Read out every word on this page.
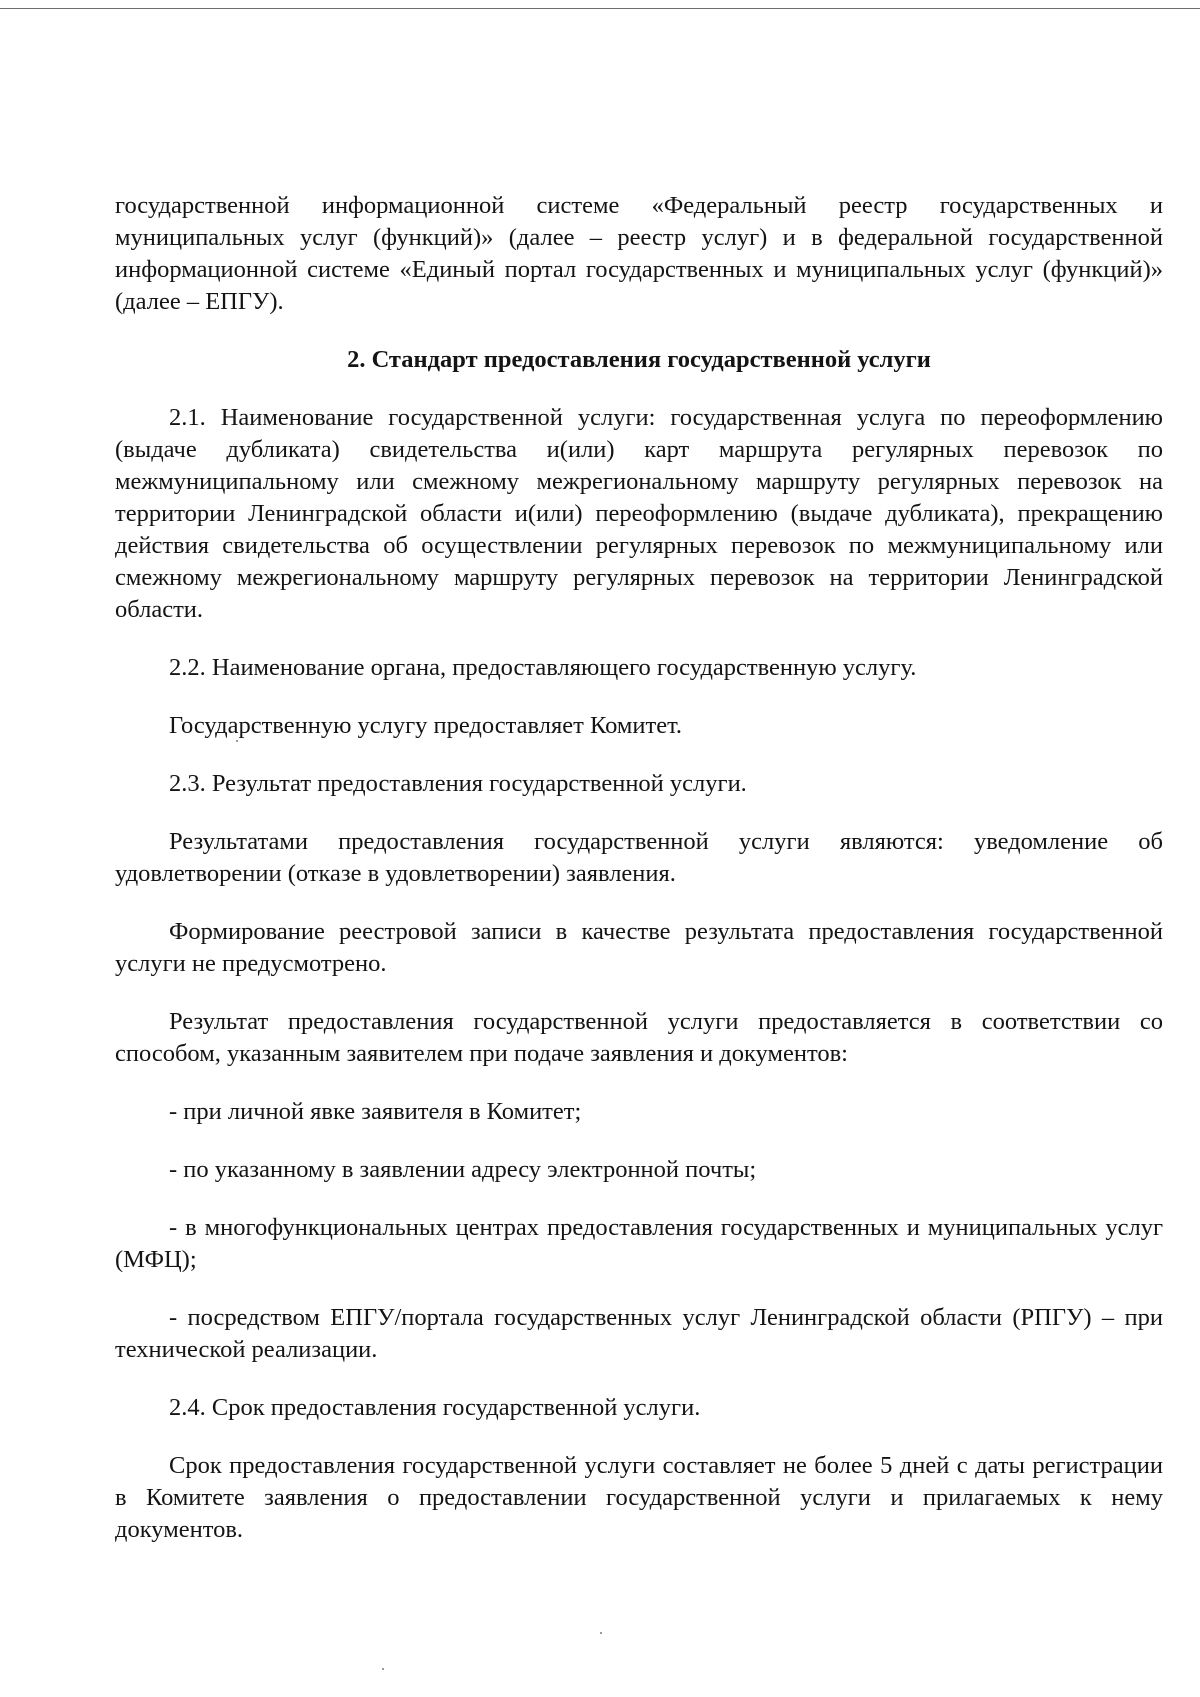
государственной информационной системе «Федеральный реестр государственных и муниципальных услуг (функций)» (далее – реестр услуг) и в федеральной государственной информационной системе «Единый портал государственных и муниципальных услуг (функций)» (далее – ЕПГУ).

2. Стандарт предоставления государственной услуги

2.1. Наименование государственной услуги: государственная услуга по переоформлению (выдаче дубликата) свидетельства и(или) карт маршрута регулярных перевозок по межмуниципальному или смежному межрегиональному маршруту регулярных перевозок на территории Ленинградской области и(или) переоформлению (выдаче дубликата), прекращению действия свидетельства об осуществлении регулярных перевозок по межмуниципальному или смежному межрегиональному маршруту регулярных перевозок на территории Ленинградской области.

2.2. Наименование органа, предоставляющего государственную услугу.

Государственную услугу предоставляет Комитет.

2.3. Результат предоставления государственной услуги.

Результатами предоставления государственной услуги являются: уведомление об удовлетворении (отказе в удовлетворении) заявления.

Формирование реестровой записи в качестве результата предоставления государственной услуги не предусмотрено.

Результат предоставления государственной услуги предоставляется в соответствии со способом, указанным заявителем при подаче заявления и документов:

- при личной явке заявителя в Комитет;

- по указанному в заявлении адресу электронной почты;

- в многофункциональных центрах предоставления государственных и муниципальных услуг (МФЦ);

- посредством ЕПГУ/портала государственных услуг Ленинградской области (РПГУ) – при технической реализации.

2.4. Срок предоставления государственной услуги.

Срок предоставления государственной услуги составляет не более 5 дней с даты регистрации в Комитете заявления о предоставлении государственной услуги и прилагаемых к нему документов.
